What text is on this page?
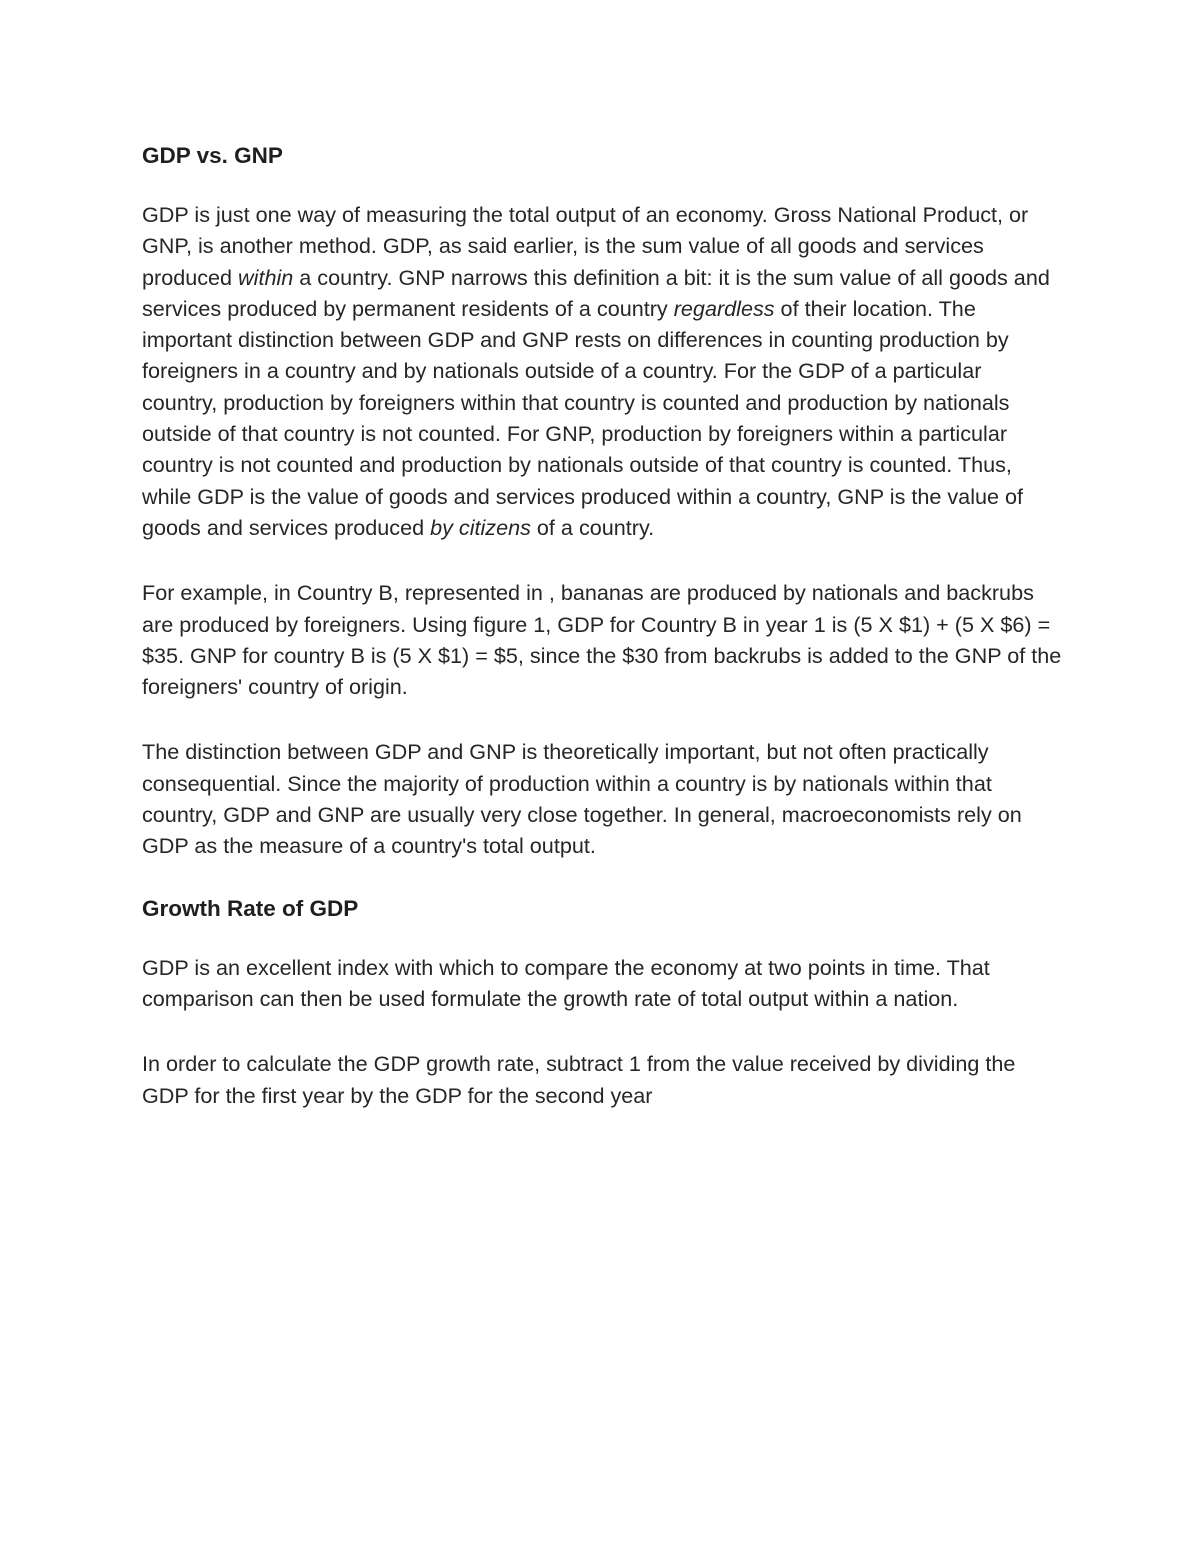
GDP vs. GNP

GDP is just one way of measuring the total output of an economy. Gross National Product, or GNP, is another method. GDP, as said earlier, is the sum value of all goods and services produced within a country. GNP narrows this definition a bit: it is the sum value of all goods and services produced by permanent residents of a country regardless of their location. The important distinction between GDP and GNP rests on differences in counting production by foreigners in a country and by nationals outside of a country. For the GDP of a particular country, production by foreigners within that country is counted and production by nationals outside of that country is not counted. For GNP, production by foreigners within a particular country is not counted and production by nationals outside of that country is counted. Thus, while GDP is the value of goods and services produced within a country, GNP is the value of goods and services produced by citizens of a country.

For example, in Country B, represented in , bananas are produced by nationals and backrubs are produced by foreigners. Using figure 1, GDP for Country B in year 1 is (5 X $1) + (5 X $6) = $35. GNP for country B is (5 X $1) = $5, since the $30 from backrubs is added to the GNP of the foreigners' country of origin.

The distinction between GDP and GNP is theoretically important, but not often practically consequential. Since the majority of production within a country is by nationals within that country, GDP and GNP are usually very close together. In general, macroeconomists rely on GDP as the measure of a country's total output.

Growth Rate of GDP

GDP is an excellent index with which to compare the economy at two points in time. That comparison can then be used formulate the growth rate of total output within a nation.

In order to calculate the GDP growth rate, subtract 1 from the value received by dividing the GDP for the first year by the GDP for the second year
